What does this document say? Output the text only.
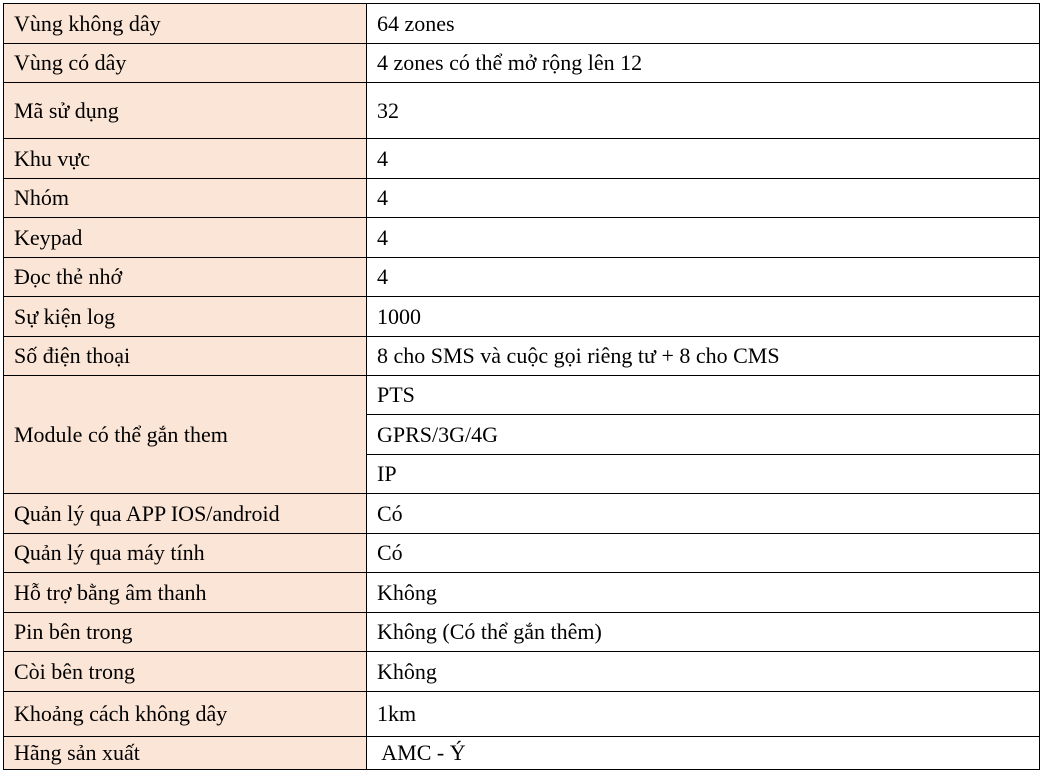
Vùng không dây	64 zones
Vùng có dây	4 zones có thể mở rộng lên 12
Mã sử dụng	32
Khu vực	4
Nhóm	4
Keypad	4
Đọc thẻ nhớ	4
Sự kiện log	1000
Số điện thoại	8 cho SMS và cuộc gọi riêng tư + 8 cho CMS
Module có thể gắn them	PTS
	GPRS/3G/4G
	IP
Quản lý qua APP IOS/android	Có
Quản lý qua máy tính	Có
Hỗ trợ bằng âm thanh	Không
Pin bên trong	Không (Có thể gắn thêm)
Còi bên trong	Không
Khoảng cách không dây	1km
Hãng sản xuất	AMC - Ý
